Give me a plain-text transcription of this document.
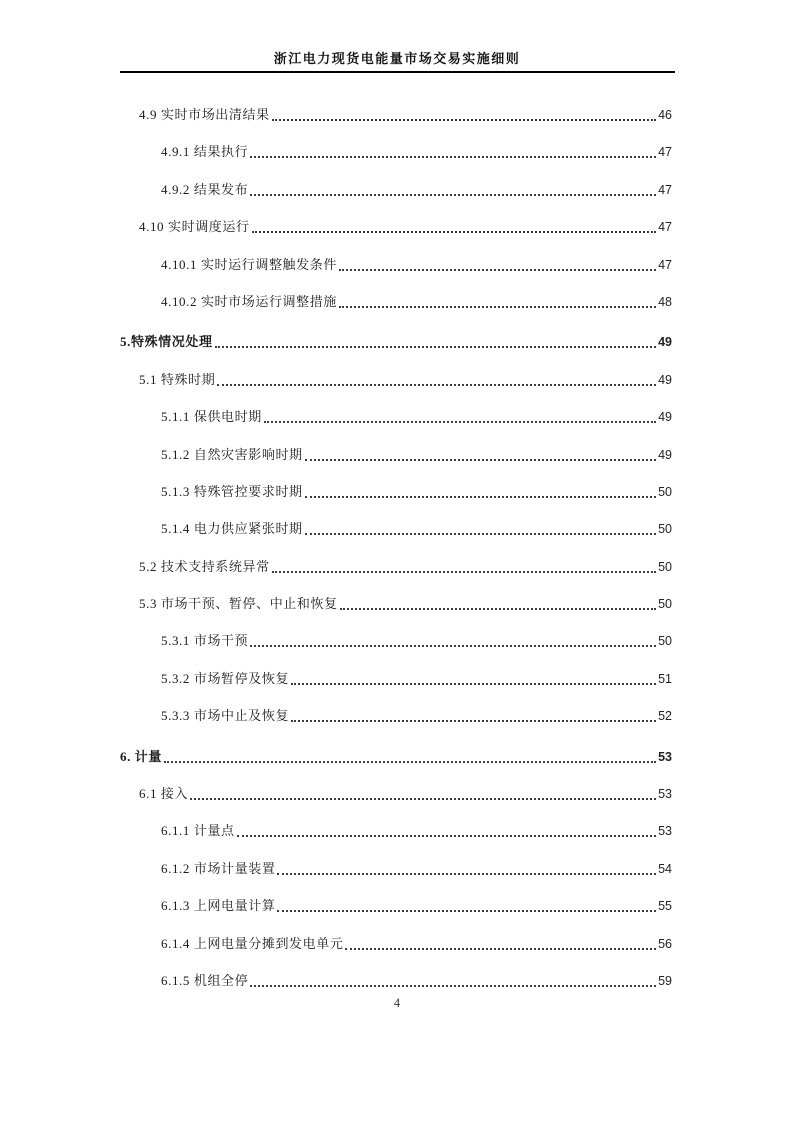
浙江电力现货电能量市场交易实施细则
4.9 实时市场出清结果	46
4.9.1 结果执行	47
4.9.2 结果发布	47
4.10 实时调度运行	47
4.10.1 实时运行调整触发条件	47
4.10.2 实时市场运行调整措施	48
5.特殊情况处理	49
5.1 特殊时期	49
5.1.1 保供电时期	49
5.1.2 自然灾害影响时期	49
5.1.3 特殊管控要求时期	50
5.1.4 电力供应紧张时期	50
5.2 技术支持系统异常	50
5.3 市场干预、暂停、中止和恢复	50
5.3.1 市场干预	50
5.3.2 市场暂停及恢复	51
5.3.3 市场中止及恢复	52
6. 计量	53
6.1 接入	53
6.1.1 计量点	53
6.1.2 市场计量装置	54
6.1.3 上网电量计算	55
6.1.4 上网电量分摊到发电单元	56
6.1.5 机组全停	59
4
